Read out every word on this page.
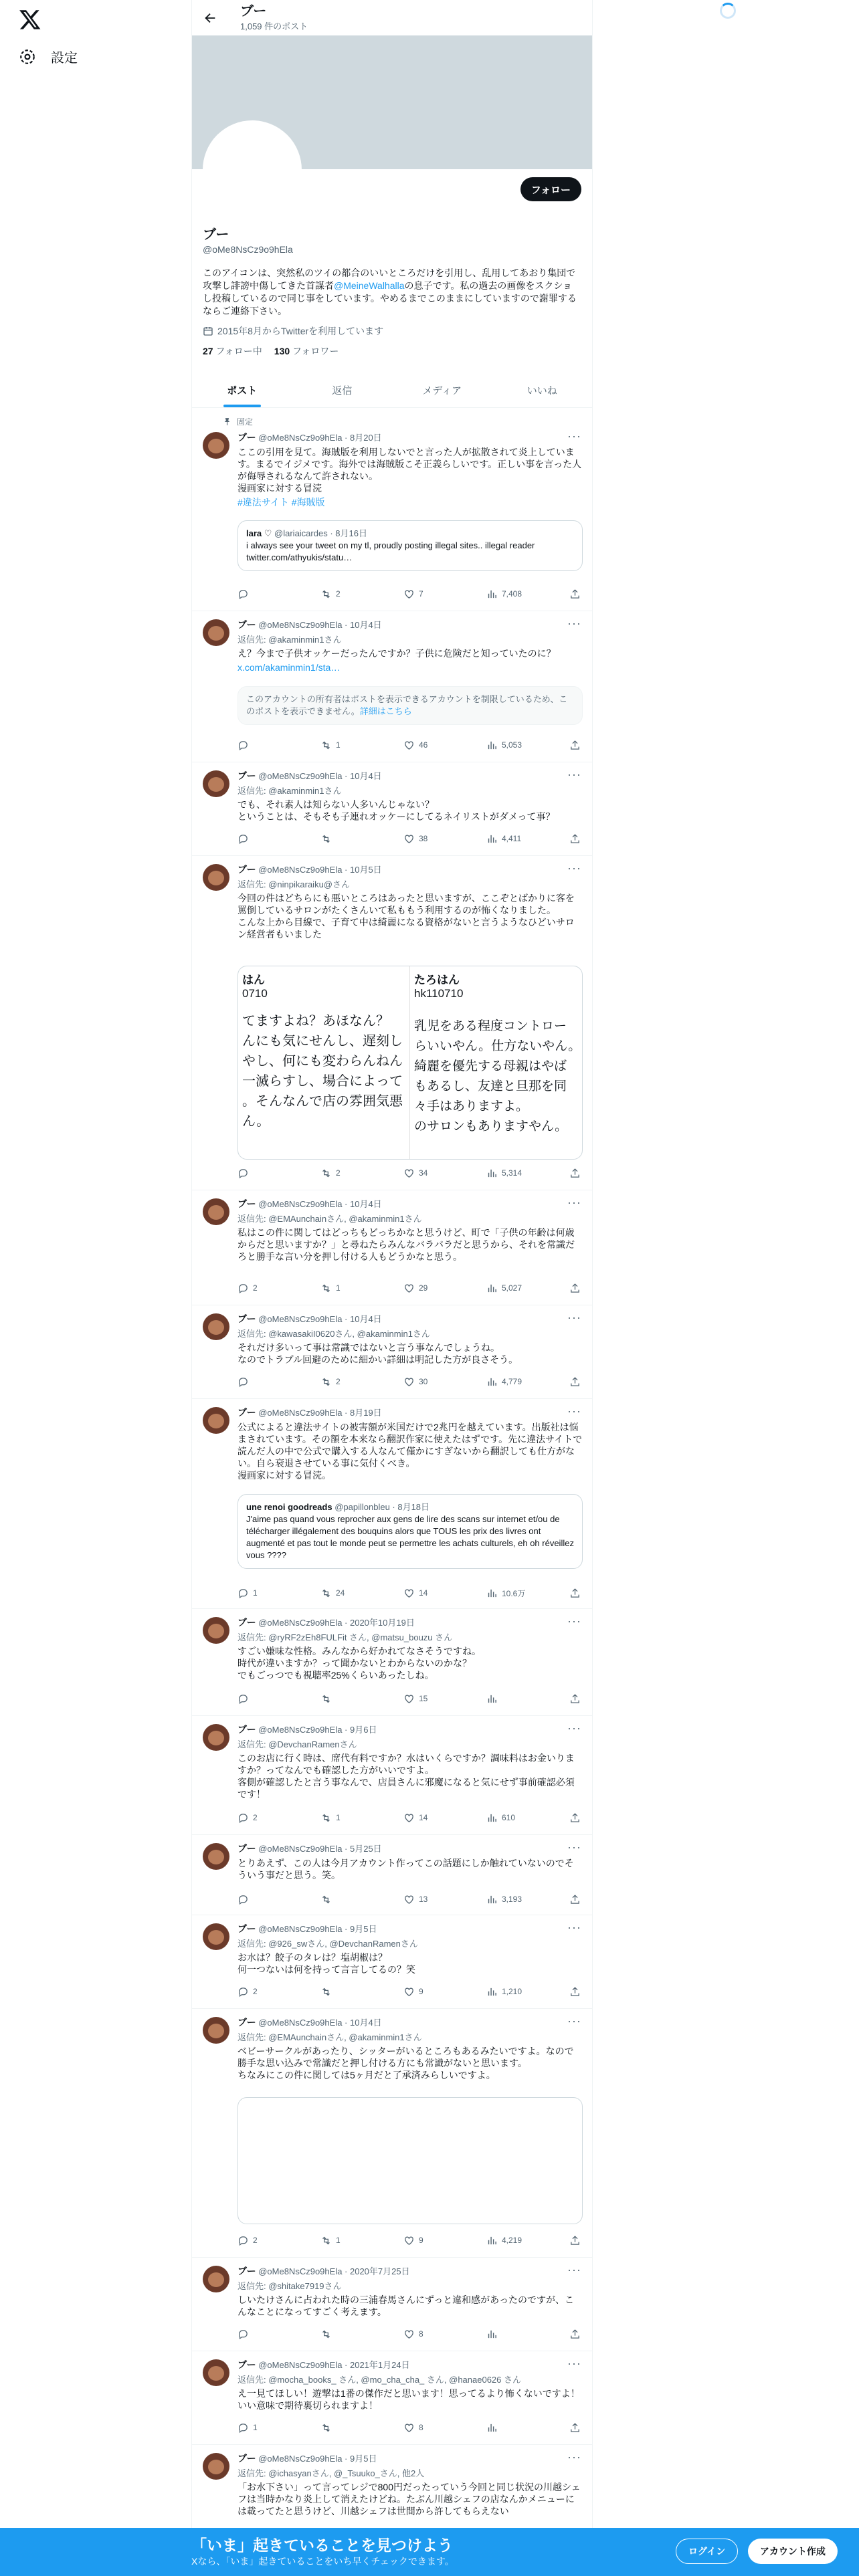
設定
ブー
1,059 件のポスト
フォロー
ブー
@oMe8NsCz9o9hEla
このアイコンは、突然私のツイの都合のいいところだけを引用し、乱用してあおり集団で攻撃し誹謗中傷してきた首謀者@MeineWalhallaの息子です。私の過去の画像をスクショし投稿しているので同じ事をしています。やめるまでこのままにしていますので謝罪するならご連絡下さい。
2015年8月からTwitterを利用しています
27 フォロー中 130 フォロワー
ポスト	返信	メディア	いいね
固定
···
ブー @oMe8NsCz9o9hEla · 8月20日
ここの引用を見て。海賊版を利用しないでと言った人が拡散されて炎上しています。まるでイジメです。海外では海賊版こそ正義らしいです。正しい事を言った人が侮辱されるなんて許されない。
漫画家に対する冒涜
#違法サイト #海賊版
lara ♡ @lariaicardes · 8月16日
i always see your tweet on my tl, proudly posting illegal sites.. illegal reader twitter.com/athyukis/statu…
2	7	7,408
···
ブー @oMe8NsCz9o9hEla · 10月4日
返信先: @akaminmin1さん
え？今まで子供オッケーだったんですか？子供に危険だと知っていたのに？
x.com/akaminmin1/sta…
このアカウントの所有者はポストを表示できるアカウントを制限しているため、このポストを表示できません。詳細はこちら
1	46	5,053
···
ブー @oMe8NsCz9o9hEla · 10月4日
返信先: @akaminmin1さん
でも、それ素人は知らない人多いんじゃない？
ということは、そもそも子連れオッケーにしてるネイリストがダメって事？
38	4,411
···
ブー @oMe8NsCz9o9hEla · 10月5日
返信先: @ninpikaraiku@さん
今回の件はどちらにも悪いところはあったと思いますが、ここぞとばかりに客を罵倒しているサロンがたくさんいて私ももう利用するのが怖くなりました。
こんな上から目線で、子育て中は綺麗になる資格がないと言うようなひどいサロン経営者もいました
はん
0710
てますよね？あほなん？
んにも気にせんし、遅刻し
やし、何にも変わらんねん
一滅らすし、場合によって
。そんなんで店の雰囲気悪
ん。
たろはん
hk110710
乳児をある程度コントロー
らいいやん。仕方ないやん。
綺麗を優先する母親はやば
もあるし、友達と旦那を同
々手はありますよ。
のサロンもありますやん。
2	34	5,314
···
ブー @oMe8NsCz9o9hEla · 10月4日
返信先: @EMAunchainさん, @akaminmin1さん
私はこの件に関してはどっちもどっちかなと思うけど、町で「子供の年齢は何歳からだと思いますか？」と尋ねたらみんなバラバラだと思うから、それを常識だろと勝手な言い分を押し付ける人もどうかなと思う。
2	1	29	5,027
···
ブー @oMe8NsCz9o9hEla · 10月4日
返信先: @kawasakiI0620さん, @akaminmin1さん
それだけ多いって事は常識ではないと言う事なんでしょうね。
なのでトラブル回避のために細かい詳細は明記した方が良さそう。
2	30	4,779
···
ブー @oMe8NsCz9o9hEla · 8月19日
公式によると違法サイトの被害額が米国だけで2兆円を越えています。出版社は悩まされています。その額を本来なら翻訳作家に使えたはずです。先に違法サイトで読んだ人の中で公式で購入する人なんて僅かにすぎないから翻訳しても仕方がない。自ら衰退させている事に気付くべき。
漫画家に対する冒涜。
une renoi goodreads @papillonbleu · 8月18日
J'aime pas quand vous reprocher aux gens de lire des scans sur internet et/ou de télécharger illégalement des bouquins alors que TOUS les prix des livres ont augmenté et pas tout le monde peut se permettre les achats culturels, eh oh réveillez vous ????
1	24	14	10.6万
···
ブー @oMe8NsCz9o9hEla · 2020年10月19日
返信先: @ryRF2zEh8FULFit さん, @matsu_bouzu さん
すごい嫌味な性格。みんなから好かれてなさそうですね。
時代が違いますか？って聞かないとわからないのかな？
でもごっつでも視聴率25%くらいあったしね。
15
···
ブー @oMe8NsCz9o9hEla · 9月6日
返信先: @DevchanRamenさん
このお店に行く時は、席代有料ですか？水はいくらですか？調味料はお金いりますか？ってなんでも確認した方がいいですよ。
客側が確認したと言う事なんで、店員さんに邪魔になると気にせず事前確認必須です！
2	1	14	610
···
ブー @oMe8NsCz9o9hEla · 5月25日
とりあえず、この人は今月アカウント作ってこの話題にしか触れていないのでそういう事だと思う。笑。
13	3,193
···
ブー @oMe8NsCz9o9hEla · 9月5日
返信先: @926_swさん, @DevchanRamenさん
お水は？餃子のタレは？塩胡椒は？
何一つないは何を持って言言してるの？笑
2	9	1,210
···
ブー @oMe8NsCz9o9hEla · 10月4日
返信先: @EMAunchainさん, @akaminmin1さん
ベビーサークルがあったり、シッターがいるところもあるみたいですよ。なので勝手な思い込みで常識だと押し付ける方にも常識がないと思います。
ちなみにこの件に関しては5ヶ月だと了承済みらしいですよ。
2	1	9	4,219
···
ブー @oMe8NsCz9o9hEla · 2020年7月25日
返信先: @shitake7919さん
しいたけさんに占われた時の三浦春馬さんにずっと違和感があったのですが、こんなことになってすごく考えます。
8
···
ブー @oMe8NsCz9o9hEla · 2021年1月24日
返信先: @mocha_books_ さん, @mo_cha_cha_ さん, @hanae0626 さん
え一見てほしい！遊撃は1番の傑作だと思います！思ってるより怖くないですよ！いい意味で期待裏切られますよ！
1	8
···
ブー @oMe8NsCz9o9hEla · 9月5日
返信先: @ichasyanさん, @_Tsuuko_さん, 他2人
「お水下さい」って言ってレジで800円だったっていう今回と同じ状況の川越シェフは当時かなり炎上して消えたけどね。たぶん川越シェフの店なんかメニューには載ってたと思うけど、川越シェフは世間から許してもらえない
「いま」起きていることを見つけよう
Xなら、「いま」起きていることをいち早くチェックできます。
ログイン	アカウント作成
